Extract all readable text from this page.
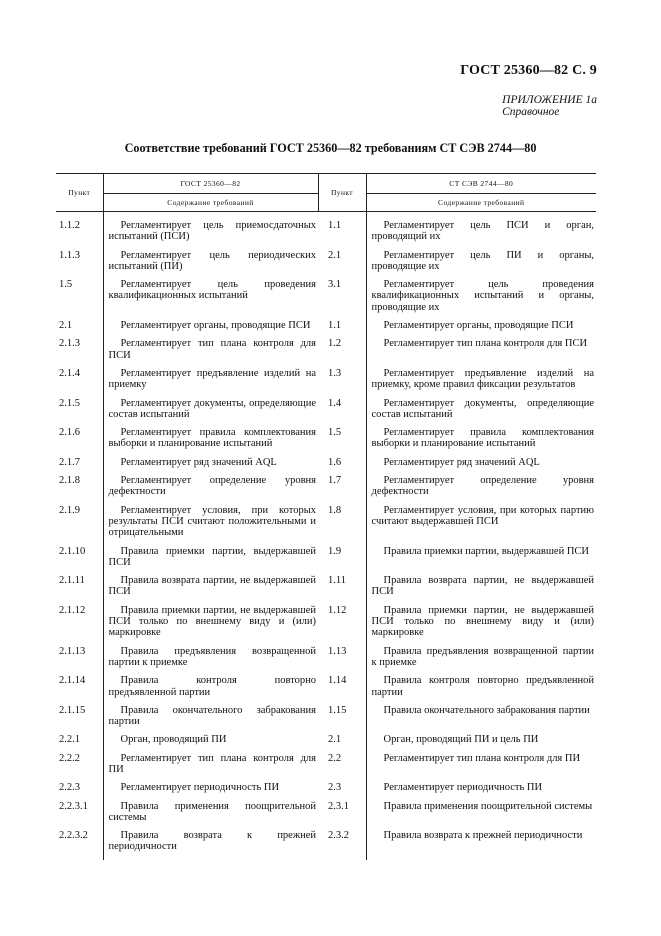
ГОСТ 25360—82 С. 9
ПРИЛОЖЕНИЕ 1а
Справочное
Соответствие требований ГОСТ 25360—82 требованиям СТ СЭВ 2744—80
Пункт	ГОСТ 25360—82	Пункт	СТ СЭВ 2744—80
	Содержание требований		Содержание требований
1.1.2	Регламентирует цель приемосдаточных испытаний (ПСИ)	1.1	Регламентирует цель ПСИ и орган, проводящий их
1.1.3	Регламентирует цель периодических испытаний (ПИ)	2.1	Регламентирует цель ПИ и органы, проводящие их
1.5	Регламентирует цель проведения квалификационных испытаний	3.1	Регламентирует цель проведения квалификационных испытаний и органы, проводящие их
2.1	Регламентирует органы, проводящие ПСИ	1.1	Регламентирует органы, проводящие ПСИ
2.1.3	Регламентирует тип плана контроля для ПСИ	1.2	Регламентирует тип плана контроля для ПСИ
2.1.4	Регламентирует предъявление изделий на приемку	1.3	Регламентирует предъявление изделий на приемку, кроме правил фиксации результатов
2.1.5	Регламентирует документы, определяющие состав испытаний	1.4	Регламентирует документы, определяющие состав испытаний
2.1.6	Регламентирует правила комплектования выборки и планирование испытаний	1.5	Регламентирует правила комплектования выборки и планирование испытаний
2.1.7	Регламентирует ряд значений AQL	1.6	Регламентирует ряд значений AQL
2.1.8	Регламентирует определение уровня дефектности	1.7	Регламентирует определение уровня дефектности
2.1.9	Регламентирует условия, при которых результаты ПСИ считают положительными и отрицательными	1.8	Регламентирует условия, при которых партию считают выдержавшей ПСИ
2.1.10	Правила приемки партии, выдержавшей ПСИ	1.9	Правила приемки партии, выдержавшей ПСИ
2.1.11	Правила возврата партии, не выдержавшей ПСИ	1.11	Правила возврата партии, не выдержавшей ПСИ
2.1.12	Правила приемки партии, не выдержавшей ПСИ только по внешнему виду и (или) маркировке	1.12	Правила приемки партии, не выдержавшей ПСИ только по внешнему виду и (или) маркировке
2.1.13	Правила предъявления возвращенной партии к приемке	1.13	Правила предъявления возвращенной партии к приемке
2.1.14	Правила контроля повторно предъявленной партии	1.14	Правила контроля повторно предъявленной партии
2.1.15	Правила окончательного забракования партии	1.15	Правила окончательного забракования партии
2.2.1	Орган, проводящий ПИ	2.1	Орган, проводящий ПИ и цель ПИ
2.2.2	Регламентирует тип плана контроля для ПИ	2.2	Регламентирует тип плана контроля для ПИ
2.2.3	Регламентирует периодичность ПИ	2.3	Регламентирует периодичность ПИ
2.2.3.1	Правила применения поощрительной системы	2.3.1	Правила применения поощрительной системы
2.2.3.2	Правила возврата к прежней периодичности	2.3.2	Правила возврата к прежней периодичности
